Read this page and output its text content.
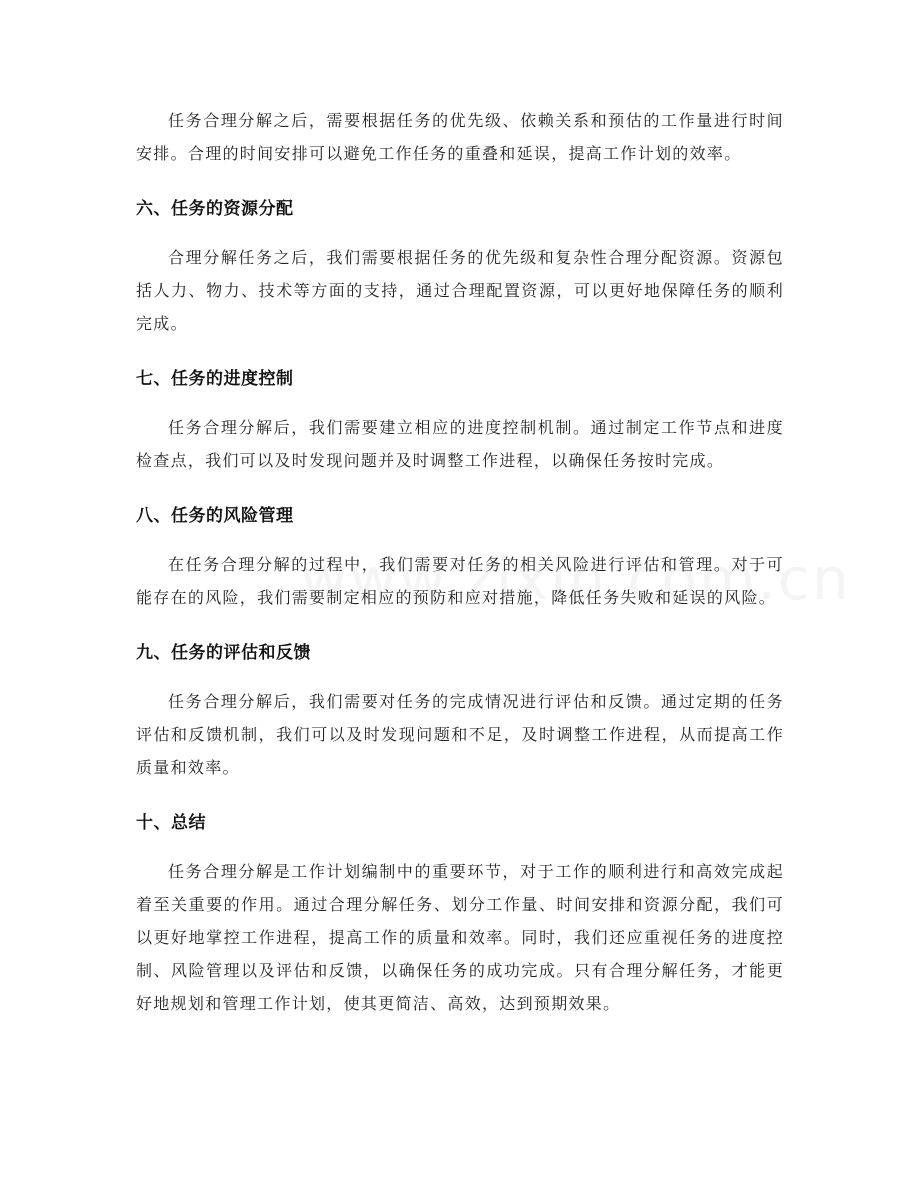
任务合理分解之后，需要根据任务的优先级、依赖关系和预估的工作量进行时间安排。合理的时间安排可以避免工作任务的重叠和延误，提高工作计划的效率。

六、任务的资源分配

合理分解任务之后，我们需要根据任务的优先级和复杂性合理分配资源。资源包括人力、物力、技术等方面的支持，通过合理配置资源，可以更好地保障任务的顺利完成。

七、任务的进度控制

任务合理分解后，我们需要建立相应的进度控制机制。通过制定工作节点和进度检查点，我们可以及时发现问题并及时调整工作进程，以确保任务按时完成。

八、任务的风险管理

在任务合理分解的过程中，我们需要对任务的相关风险进行评估和管理。对于可能存在的风险，我们需要制定相应的预防和应对措施，降低任务失败和延误的风险。

九、任务的评估和反馈

任务合理分解后，我们需要对任务的完成情况进行评估和反馈。通过定期的任务评估和反馈机制，我们可以及时发现问题和不足，及时调整工作进程，从而提高工作质量和效率。

十、总结

任务合理分解是工作计划编制中的重要环节，对于工作的顺利进行和高效完成起着至关重要的作用。通过合理分解任务、划分工作量、时间安排和资源分配，我们可以更好地掌控工作进程，提高工作的质量和效率。同时，我们还应重视任务的进度控制、风险管理以及评估和反馈，以确保任务的成功完成。只有合理分解任务，才能更好地规划和管理工作计划，使其更简洁、高效，达到预期效果。
